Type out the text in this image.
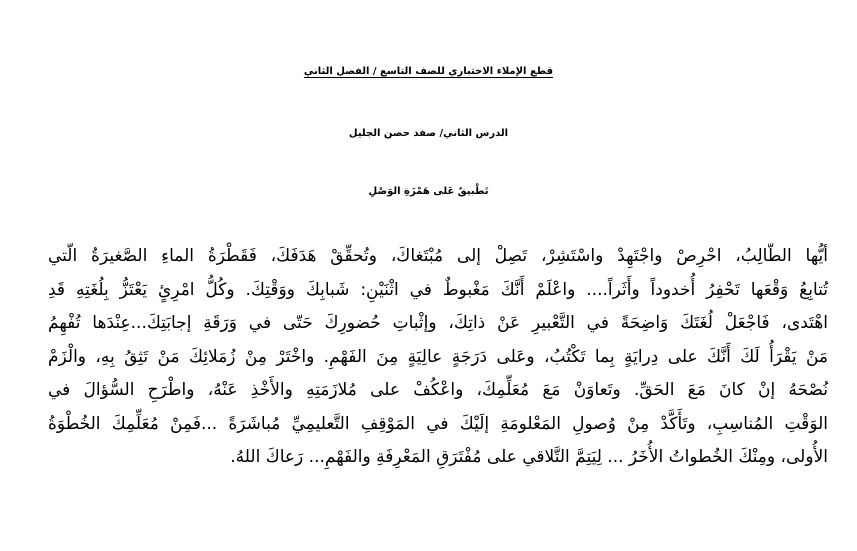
قطع الإملاء الاختباري للصف التاسع / الفصل الثاني
الدرس الثاني/ صفد حصن الجليل
تَطْبيقٌ عَلى هَمْزَةِ الوَصْلِ
أيُّها الطّالِبُ، احْرِصْ واجْتَهِدْ واسْتَشِرْ، تَصِلْ إلى مُبْتَغاكَ، وتُحقِّقْ هَدَفَكَ، فَقَطْرَةُ الماءِ الصَّغيرَةُ الّتي
تُتابِعُ وَقْعَها تَحْفِرُ أُخدوداً وأَثَراً.... واعْلَمْ أَنَّكَ مَغْبوطٌ في اثْنَيْنِ: شَبابِكَ ووَقْتِكَ. وكُلُّ امْرِئٍ يَعْتَزُّ بِلُغَتِهِ قَدِ
اهْتَدى، فَاجْعَلْ لُغَتَكَ وَاضِحَةً في التَّعْبيرِ عَنْ ذاتِكَ، وإثْباتِ حُضورِكَ حَتّى في وَرَقَةِ إجابَتِكَ...عِنْدَها تُفْهِمُ
مَنْ يَقْرَأُ لَكَ أَنَّكَ على دِرايَةٍ بِما تَكْتُبُ، وعَلى دَرَجَةٍ عالِيَةٍ مِنَ الفَهْمِ. واخْتَرْ مِنْ زُمَلائِكَ مَنْ تَثِقُ بِهِ، والْزَمْ
نُصْحَهُ إنْ كانَ مَعَ الحَقِّ. وتَعاوَنْ مَعَ مُعَلِّمِكَ، واعْكُفْ على مُلازَمَتِهِ والأَخْذِ عَنْهُ، واطْرَحِ السُّؤالَ في
الوَقْتِ المُناسِبِ، وتَأَكَّدْ مِنْ وُصولِ المَعْلومَةِ إلَيْكَ في المَوْقِفِ التَّعليمِيِّ مُباشَرَةً ...فَمِنْ مُعَلِّمِكَ الخُطْوَةُ
الأُولى، ومِنْكَ الخُطواتُ الأُخَرُ ... لِيَتِمَّ التَّلاقي على مُفْتَرَقِ المَعْرِفَةِ والفَهْمِ... رَعاكَ اللهُ.
